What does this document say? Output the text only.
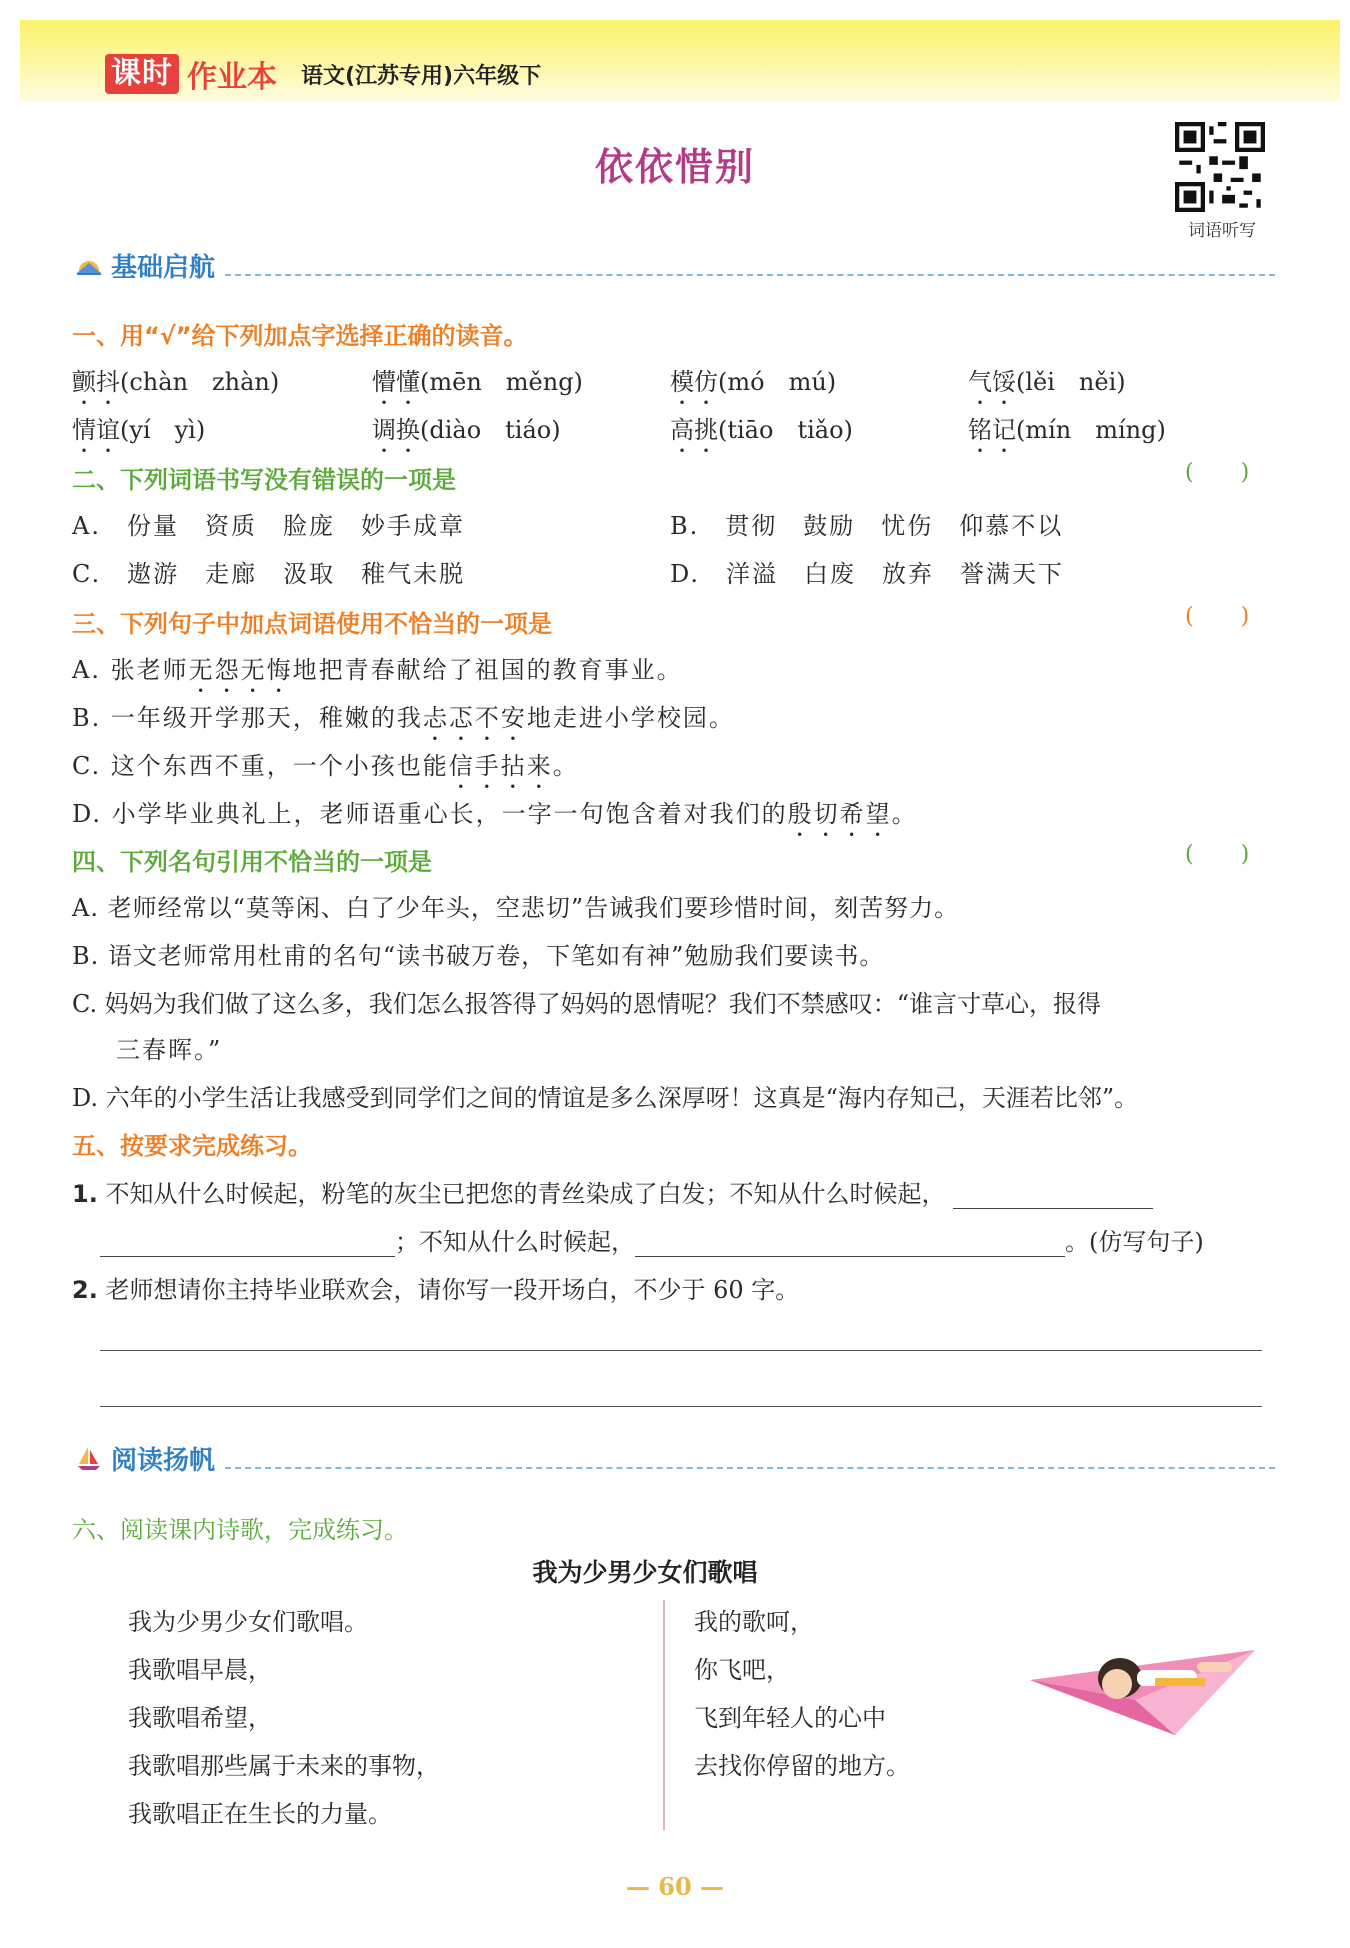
课时 作业本 语文(江苏专用)六年级下
依依惜别
词语听写
基础启航
一、用“√”给下列加点字选择正确的读音。
颤抖(chàn　zhàn)	懵懂(mēn　měng)	模仿(mó　mú)	气馁(lěi　něi)
情谊(yí　yì)	调换(diào　tiáo)	高挑(tiāo　tiǎo)	铭记(mín　míng)
二、下列词语书写没有错误的一项是	( )
A. 份量 资质 脸庞 妙手成章	B. 贯彻 鼓励 忧伤 仰慕不以
C. 遨游 走廊 汲取 稚气未脱	D. 洋溢 白废 放弃 誉满天下
三、下列句子中加点词语使用不恰当的一项是	( )
A. 张老师无怨无悔地把青春献给了祖国的教育事业。
B. 一年级开学那天，稚嫩的我忐忑不安地走进小学校园。
C. 这个东西不重，一个小孩也能信手拈来。
D. 小学毕业典礼上，老师语重心长，一字一句饱含着对我们的殷切希望。
四、下列名句引用不恰当的一项是	( )
A. 老师经常以“莫等闲、白了少年头，空悲切”告诫我们要珍惜时间，刻苦努力。
B. 语文老师常用杜甫的名句“读书破万卷，下笔如有神”勉励我们要读书。
C. 妈妈为我们做了这么多，我们怎么报答得了妈妈的恩情呢？我们不禁感叹：“谁言寸草心，报得
三春晖。”
D. 六年的小学生活让我感受到同学们之间的情谊是多么深厚呀！这真是“海内存知己，天涯若比邻”。
五、按要求完成练习。
1. 不知从什么时候起，粉笔的灰尘已把您的青丝染成了白发；不知从什么时候起，
；不知从什么时候起，	。(仿写句子)
2. 老师想请你主持毕业联欢会，请你写一段开场白，不少于 60 字。
阅读扬帆
六、阅读课内诗歌，完成练习。
我为少男少女们歌唱
我为少男少女们歌唱。
我歌唱早晨，
我歌唱希望，
我歌唱那些属于未来的事物，
我歌唱正在生长的力量。
我的歌呵，
你飞吧，
飞到年轻人的心中
去找你停留的地方。
— 60 —
